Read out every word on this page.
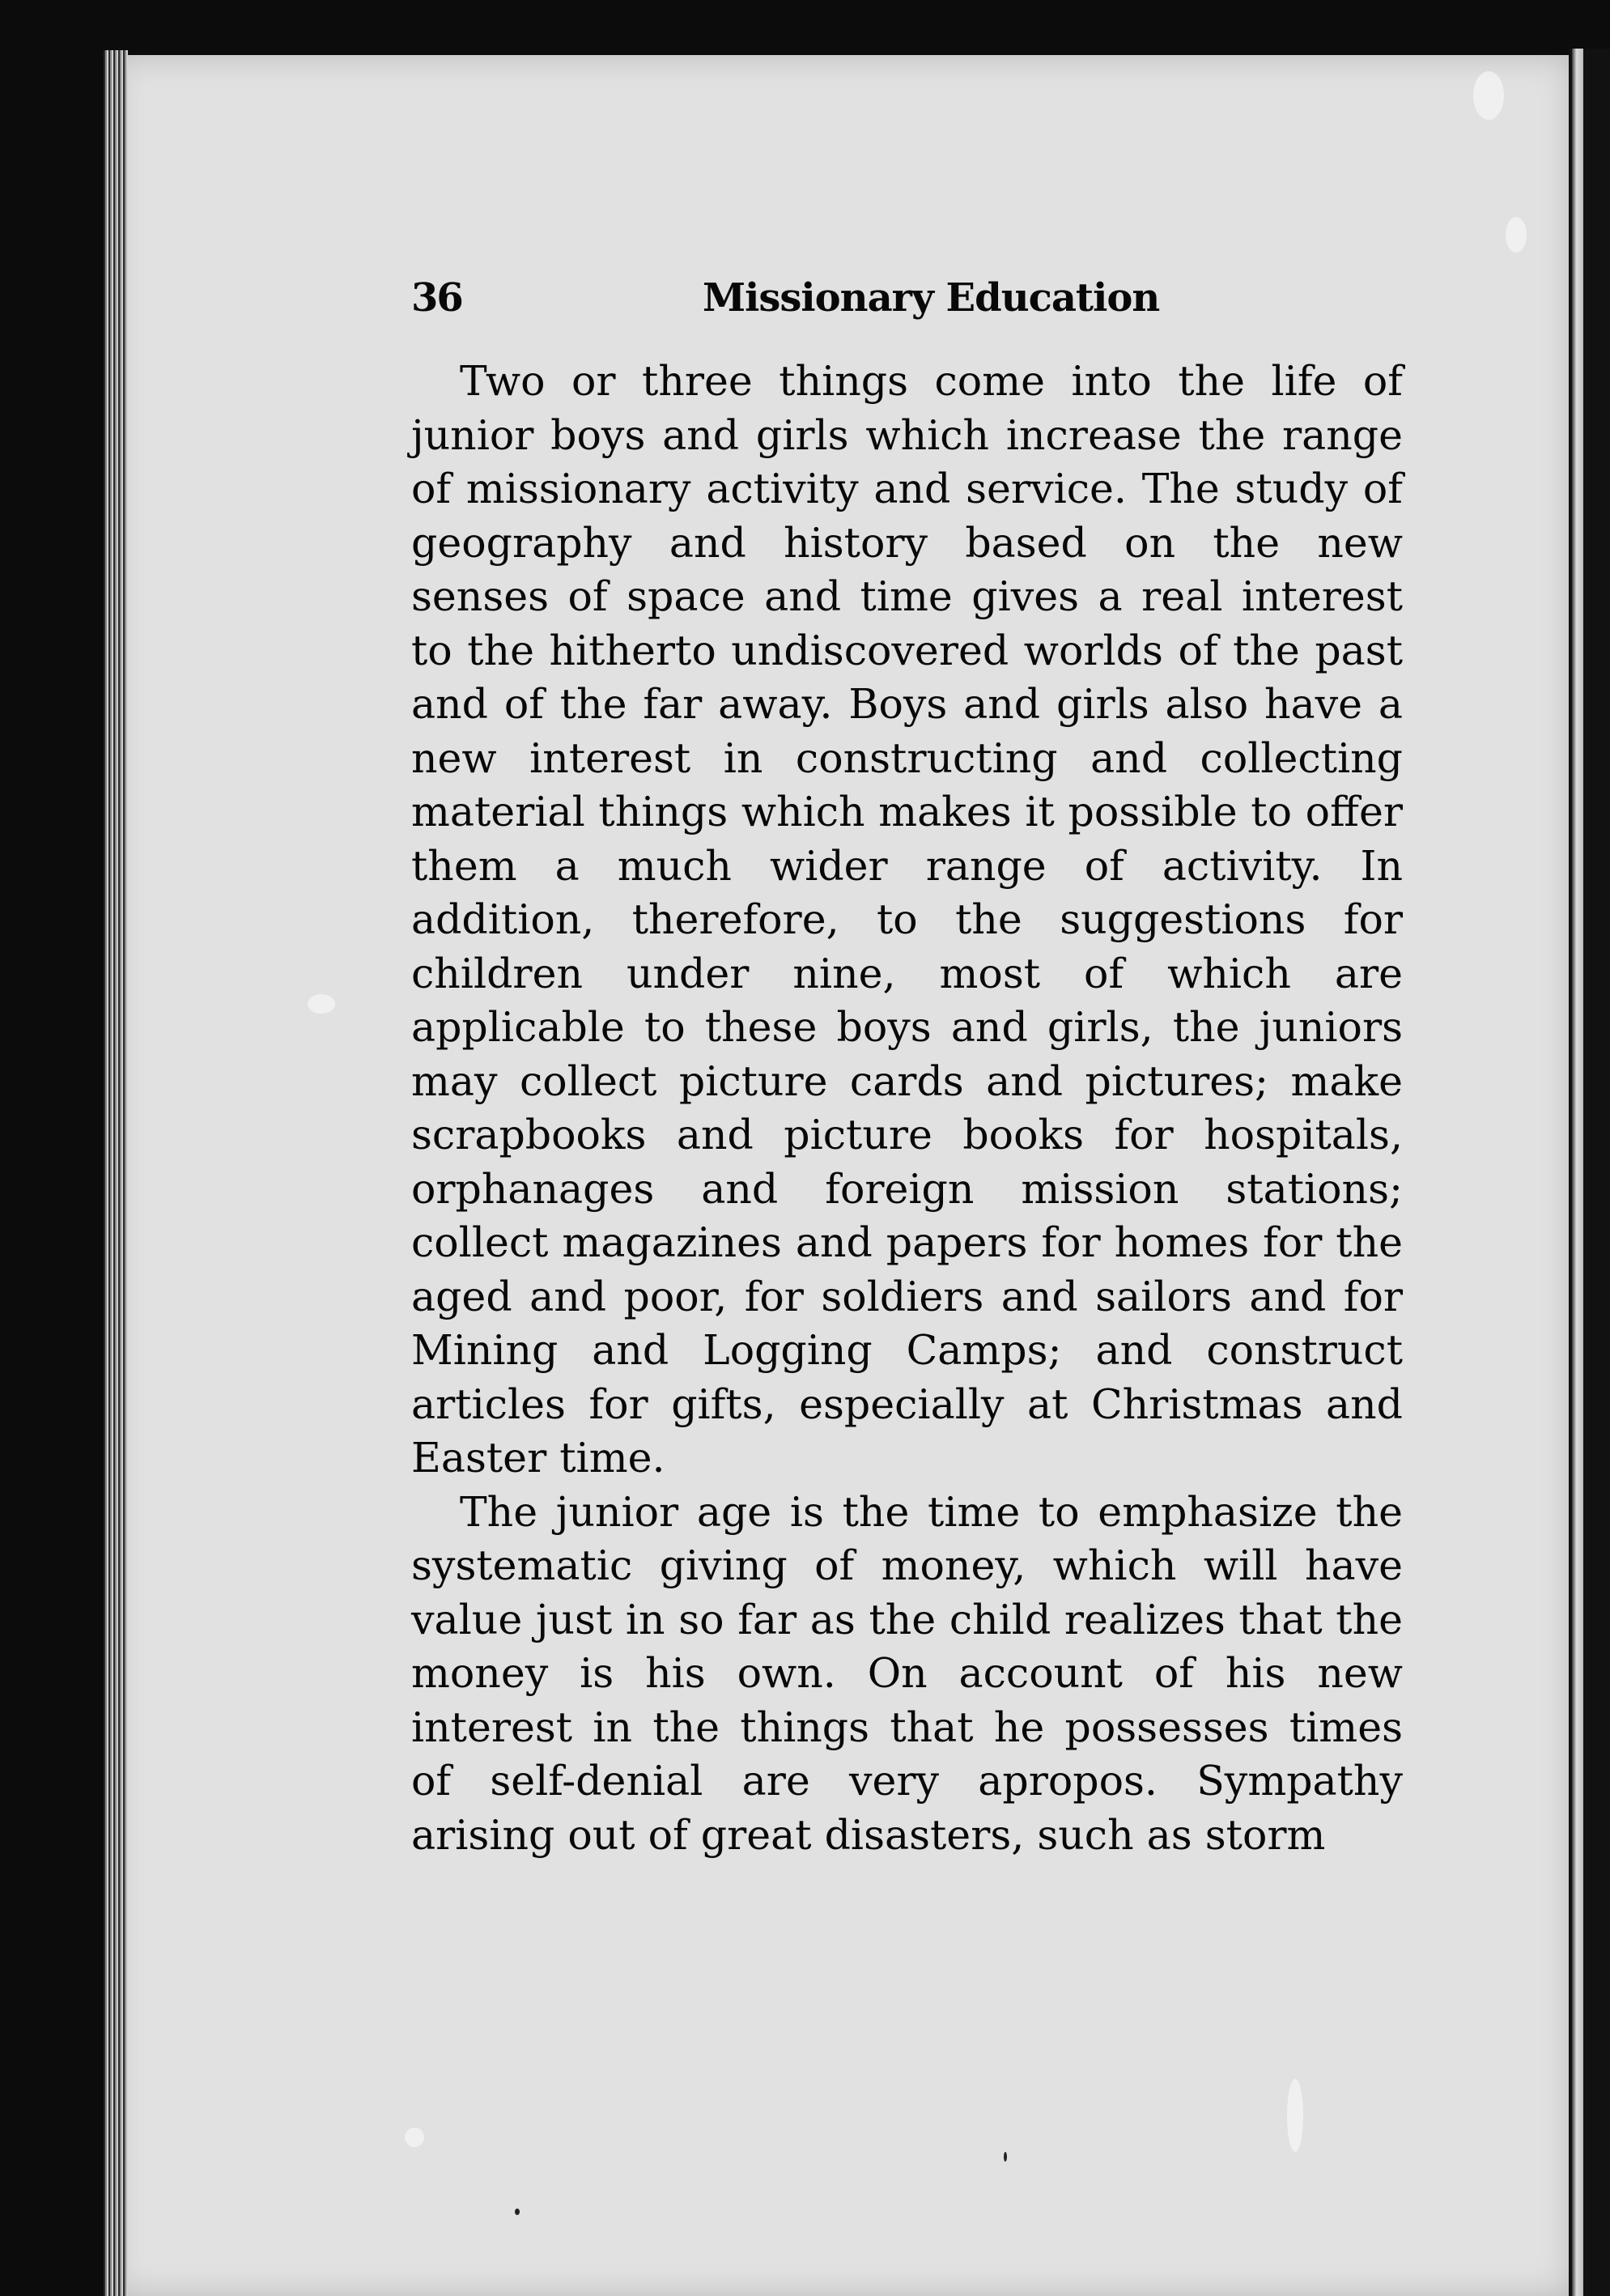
36	Missionary Education

Two or three things come into the life of junior boys and girls which increase the range of missionary activity and service. The study of geography and history based on the new senses of space and time gives a real interest to the hitherto undiscovered worlds of the past and of the far away. Boys and girls also have a new interest in constructing and collecting material things which makes it possible to offer them a much wider range of activity. In addition, therefore, to the suggestions for children under nine, most of which are applicable to these boys and girls, the juniors may collect picture cards and pictures; make scrapbooks and picture books for hospitals, orphanages and foreign mission stations; collect magazines and papers for homes for the aged and poor, for soldiers and sailors and for Mining and Logging Camps; and construct articles for gifts, especially at Christmas and Easter time.

The junior age is the time to emphasize the systematic giving of money, which will have value just in so far as the child realizes that the money is his own. On account of his new interest in the things that he possesses times of self-denial are very apropos. Sympathy arising out of great disasters, such as storm
